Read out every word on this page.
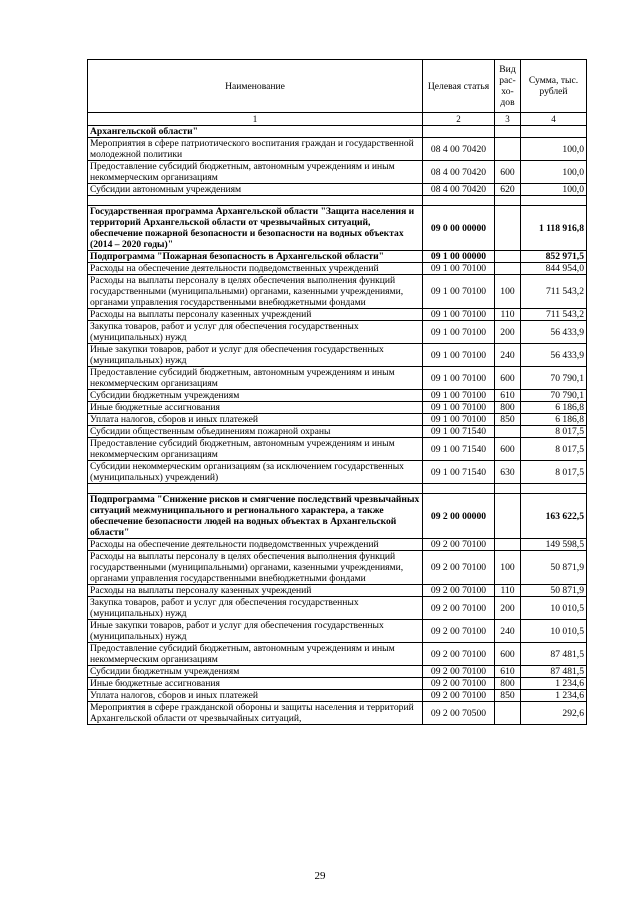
Наименование	Целевая статья	Вид рас-хо-дов	Сумма, тыс. рублей
1	2	3	4
Архангельской области"			
Мероприятия в сфере патриотического воспитания граждан и государственной молодежной политики	08 4 00 70420		100,0
Предоставление субсидий бюджетным, автономным учреждениям и иным некоммерческим организациям	08 4 00 70420	600	100,0
Субсидии автономным учреждениям	08 4 00 70420	620	100,0

Государственная программа Архангельской области "Защита населения и территорий Архангельской области от чрезвычайных ситуаций, обеспечение пожарной безопасности и безопасности на водных объектах (2014 – 2020 годы)"	09 0 00 00000		1 118 916,8
Подпрограмма "Пожарная безопасность в Архангельской области"	09 1 00 00000		852 971,5
Расходы на обеспечение деятельности подведомственных учреждений	09 1 00 70100		844 954,0
Расходы на выплаты персоналу в целях обеспечения выполнения функций государственными (муниципальными) органами, казенными учреждениями, органами управления государственными внебюджетными фондами	09 1 00 70100	100	711 543,2
Расходы на выплаты персоналу казенных учреждений	09 1 00 70100	110	711 543,2
Закупка товаров, работ и услуг для обеспечения государственных (муниципальных) нужд	09 1 00 70100	200	56 433,9
Иные закупки товаров, работ и услуг для обеспечения государственных (муниципальных) нужд	09 1 00 70100	240	56 433,9
Предоставление субсидий бюджетным, автономным учреждениям и иным некоммерческим организациям	09 1 00 70100	600	70 790,1
Субсидии бюджетным учреждениям	09 1 00 70100	610	70 790,1
Иные бюджетные ассигнования	09 1 00 70100	800	6 186,8
Уплата налогов, сборов и иных платежей	09 1 00 70100	850	6 186,8
Субсидии общественным объединениям пожарной охраны	09 1 00 71540		8 017,5
Предоставление субсидий бюджетным, автономным учреждениям и иным некоммерческим организациям	09 1 00 71540	600	8 017,5
Субсидии некоммерческим организациям (за исключением государственных (муниципальных) учреждений)	09 1 00 71540	630	8 017,5

Подпрограмма "Снижение рисков и смягчение последствий чрезвычайных ситуаций межмуниципального и регионального характера, а также обеспечение безопасности людей на водных объектах в Архангельской области"	09 2 00 00000		163 622,5
Расходы на обеспечение деятельности подведомственных учреждений	09 2 00 70100		149 598,5
Расходы на выплаты персоналу в целях обеспечения выполнения функций государственными (муниципальными) органами, казенными учреждениями, органами управления государственными внебюджетными фондами	09 2 00 70100	100	50 871,9
Расходы на выплаты персоналу казенных учреждений	09 2 00 70100	110	50 871,9
Закупка товаров, работ и услуг для обеспечения государственных (муниципальных) нужд	09 2 00 70100	200	10 010,5
Иные закупки товаров, работ и услуг для обеспечения государственных (муниципальных) нужд	09 2 00 70100	240	10 010,5
Предоставление субсидий бюджетным, автономным учреждениям и иным некоммерческим организациям	09 2 00 70100	600	87 481,5
Субсидии бюджетным учреждениям	09 2 00 70100	610	87 481,5
Иные бюджетные ассигнования	09 2 00 70100	800	1 234,6
Уплата налогов, сборов и иных платежей	09 2 00 70100	850	1 234,6
Мероприятия в сфере гражданской обороны и защиты населения и территорий Архангельской области от чрезвычайных ситуаций,	09 2 00 70500		292,6
29
